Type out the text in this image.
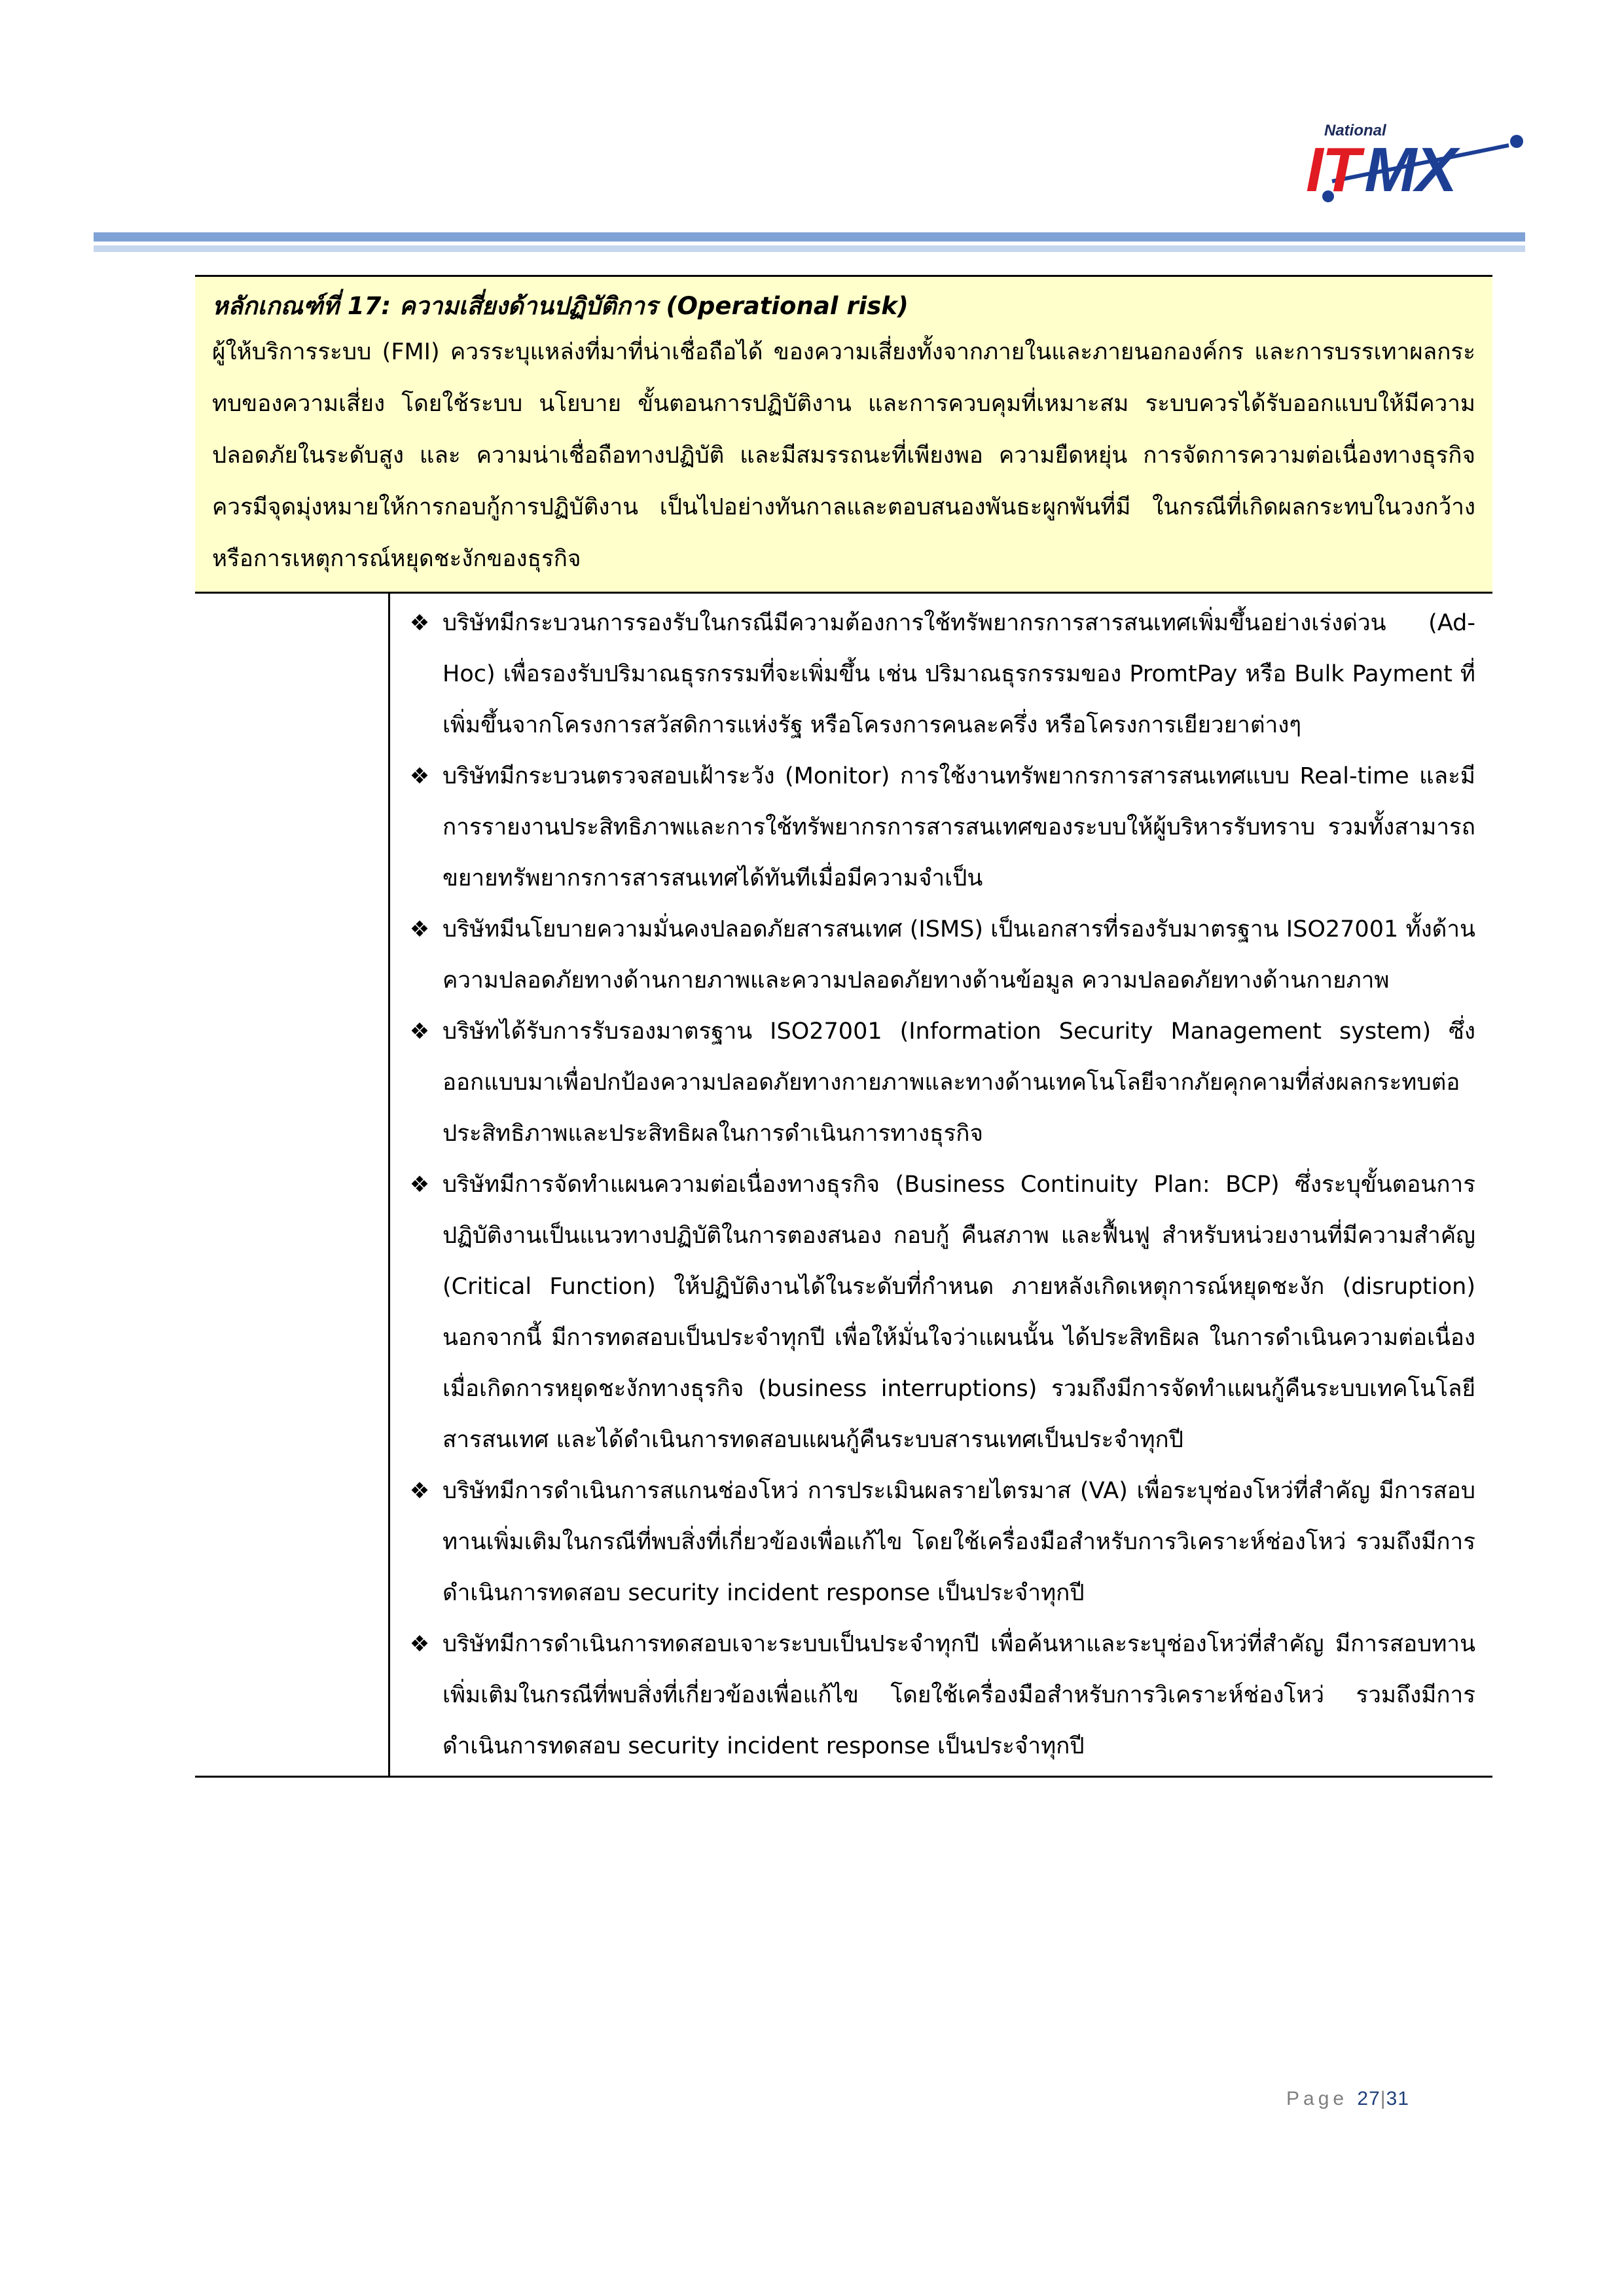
National
ITMX
หลักเกณฑ์ที่ 17: ความเสี่ยงด้านปฏิบัติการ (Operational risk)
ผู้ให้บริการระบบ (FMI) ควรระบุแหล่งที่มาที่น่าเชื่อถือได้ ของความเสี่ยงทั้งจากภายในและภายนอกองค์กร และการบรรเทาผลกระทบของความเสี่ยง โดยใช้ระบบ นโยบาย ขั้นตอนการปฏิบัติงาน และการควบคุมที่เหมาะสม ระบบควรได้รับออกแบบให้มีความปลอดภัยในระดับสูง และ ความน่าเชื่อถือทางปฏิบัติ และมีสมรรถนะที่เพียงพอ ความยืดหยุ่น การจัดการความต่อเนื่องทางธุรกิจ ควรมีจุดมุ่งหมายให้การกอบกู้การปฏิบัติงาน เป็นไปอย่างทันกาลและตอบสนองพันธะผูกพันที่มี ในกรณีที่เกิดผลกระทบในวงกว้างหรือการเหตุการณ์หยุดชะงักของธุรกิจ
❖ บริษัทมีกระบวนการรองรับในกรณีมีความต้องการใช้ทรัพยากรการสารสนเทศเพิ่มขึ้นอย่างเร่งด่วน (Ad-Hoc) เพื่อรองรับปริมาณธุรกรรมที่จะเพิ่มขึ้น เช่น ปริมาณธุรกรรมของ PromtPay หรือ Bulk Payment ที่เพิ่มขึ้นจากโครงการสวัสดิการแห่งรัฐ หรือโครงการคนละครึ่ง หรือโครงการเยียวยาต่างๆ
❖ บริษัทมีกระบวนตรวจสอบเฝ้าระวัง (Monitor) การใช้งานทรัพยากรการสารสนเทศแบบ Real-time และมีการรายงานประสิทธิภาพและการใช้ทรัพยากรการสารสนเทศของระบบให้ผู้บริหารรับทราบ รวมทั้งสามารถขยายทรัพยากรการสารสนเทศได้ทันทีเมื่อมีความจำเป็น
❖ บริษัทมีนโยบายความมั่นคงปลอดภัยสารสนเทศ (ISMS) เป็นเอกสารที่รองรับมาตรฐาน ISO27001 ทั้งด้านความปลอดภัยทางด้านกายภาพและความปลอดภัยทางด้านข้อมูล ความปลอดภัยทางด้านกายภาพ
❖ บริษัทได้รับการรับรองมาตรฐาน ISO27001 (Information Security Management system) ซึ่งออกแบบมาเพื่อปกป้องความปลอดภัยทางกายภาพและทางด้านเทคโนโลยีจากภัยคุกคามที่ส่งผลกระทบต่อประสิทธิภาพและประสิทธิผลในการดำเนินการทางธุรกิจ
❖ บริษัทมีการจัดทำแผนความต่อเนื่องทางธุรกิจ (Business Continuity Plan: BCP) ซึ่งระบุขั้นตอนการปฏิบัติงานเป็นแนวทางปฏิบัติในการตองสนอง กอบกู้ คืนสภาพ และฟื้นฟู สำหรับหน่วยงานที่มีความสำคัญ (Critical Function) ให้ปฏิบัติงานได้ในระดับที่กำหนด ภายหลังเกิดเหตุการณ์หยุดชะงัก (disruption) นอกจากนี้ มีการทดสอบเป็นประจำทุกปี เพื่อให้มั่นใจว่าแผนนั้น ได้ประสิทธิผล ในการดำเนินความต่อเนื่อง เมื่อเกิดการหยุดชะงักทางธุรกิจ (business interruptions) รวมถึงมีการจัดทำแผนกู้คืนระบบเทคโนโลยีสารสนเทศ และได้ดำเนินการทดสอบแผนกู้คืนระบบสารนเทศเป็นประจำทุกปี
❖ บริษัทมีการดำเนินการสแกนช่องโหว่ การประเมินผลรายไตรมาส (VA) เพื่อระบุช่องโหว่ที่สำคัญ มีการสอบทานเพิ่มเติมในกรณีที่พบสิ่งที่เกี่ยวข้องเพื่อแก้ไข โดยใช้เครื่องมือสำหรับการวิเคราะห์ช่องโหว่ รวมถึงมีการดำเนินการทดสอบ security incident response เป็นประจำทุกปี
❖ บริษัทมีการดำเนินการทดสอบเจาะระบบเป็นประจำทุกปี เพื่อค้นหาและระบุช่องโหว่ที่สำคัญ มีการสอบทานเพิ่มเติมในกรณีที่พบสิ่งที่เกี่ยวข้องเพื่อแก้ไข โดยใช้เครื่องมือสำหรับการวิเคราะห์ช่องโหว่ รวมถึงมีการดำเนินการทดสอบ security incident response เป็นประจำทุกปี
Page 27|31
